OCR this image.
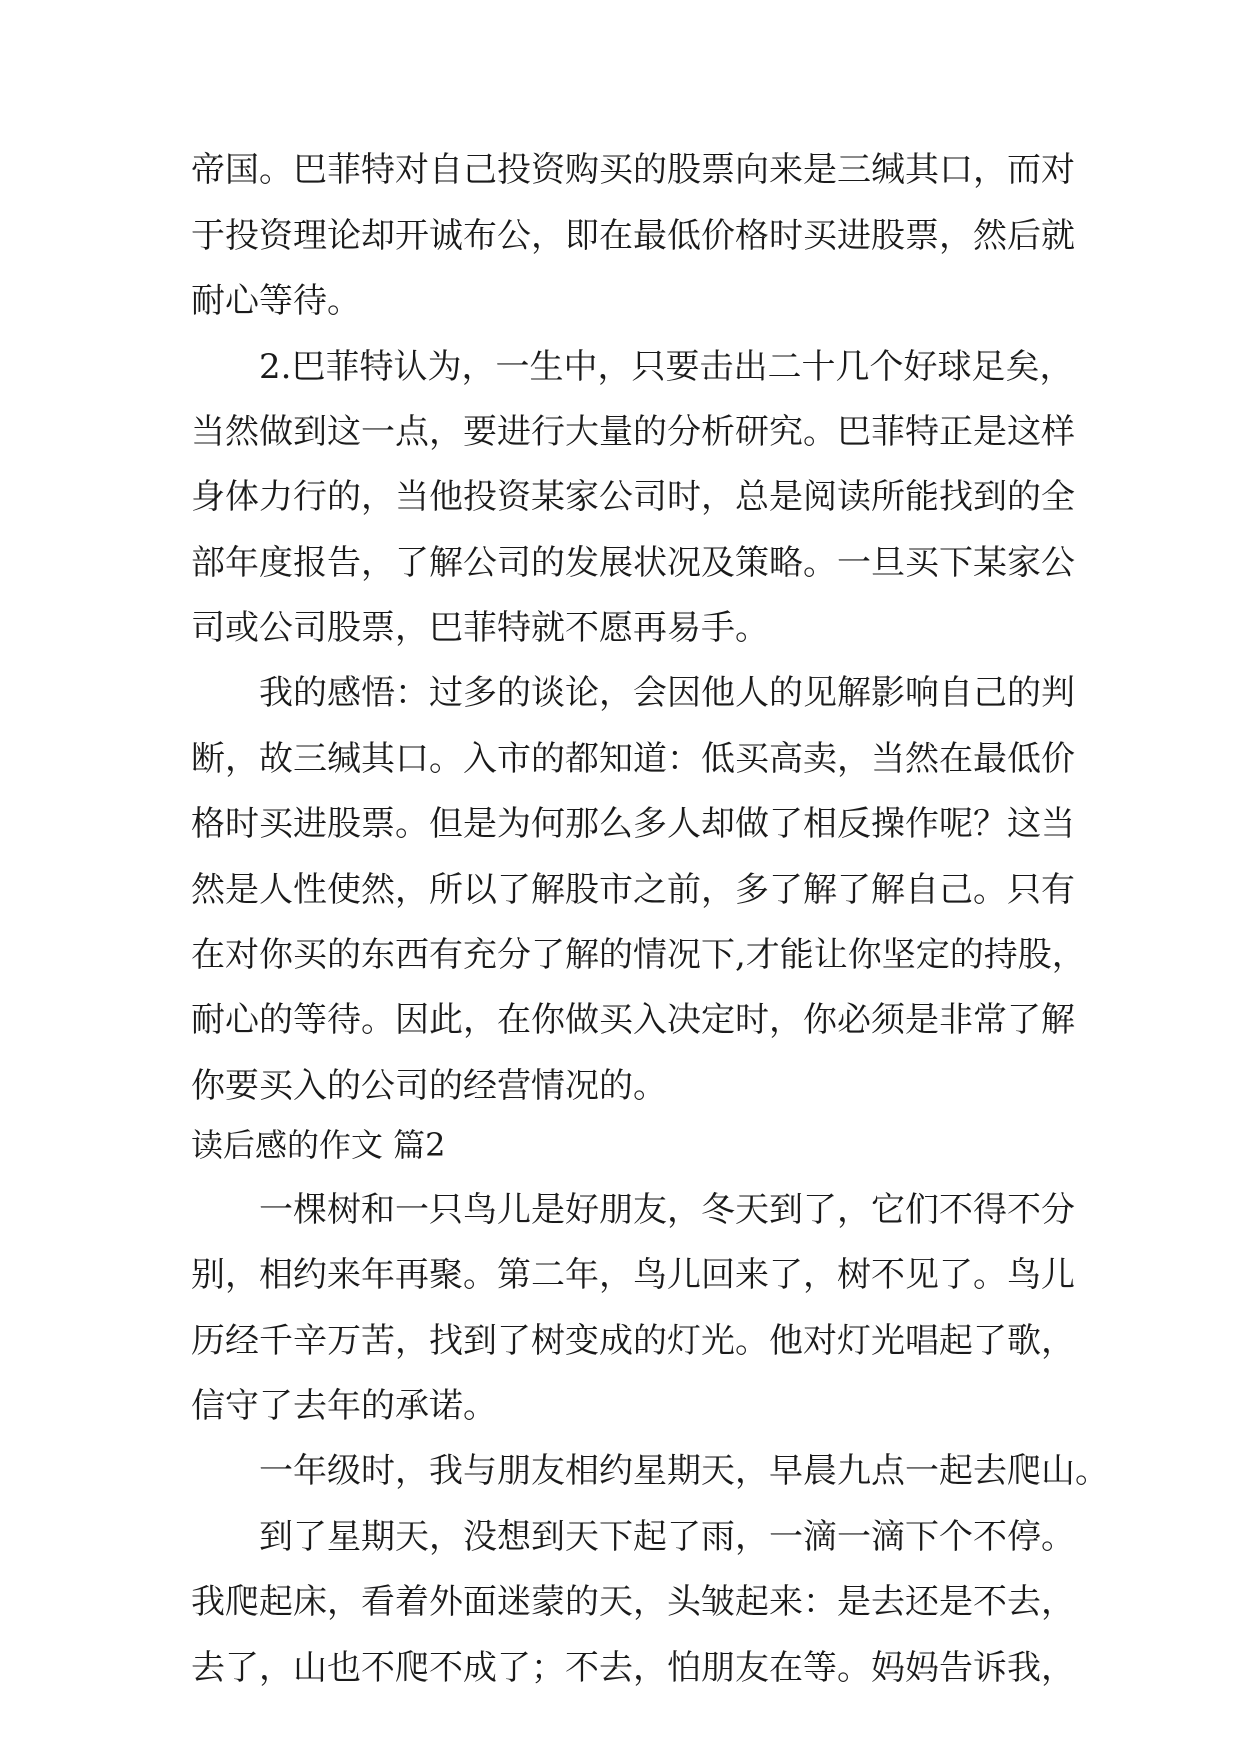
帝国。巴菲特对自己投资购买的股票向来是三缄其口，而对
于投资理论却开诚布公，即在最低价格时买进股票，然后就
耐心等待。
2.巴菲特认为，一生中，只要击出二十几个好球足矣，
当然做到这一点，要进行大量的分析研究。巴菲特正是这样
身体力行的，当他投资某家公司时，总是阅读所能找到的全
部年度报告，了解公司的发展状况及策略。一旦买下某家公
司或公司股票，巴菲特就不愿再易手。
我的感悟：过多的谈论，会因他人的见解影响自己的判
断，故三缄其口。入市的都知道：低买高卖，当然在最低价
格时买进股票。但是为何那么多人却做了相反操作呢？这当
然是人性使然，所以了解股市之前，多了解了解自己。只有
在对你买的东西有充分了解的情况下,才能让你坚定的持股，
耐心的等待。因此，在你做买入决定时，你必须是非常了解
你要买入的公司的经营情况的。
读后感的作文 篇2
一棵树和一只鸟儿是好朋友，冬天到了，它们不得不分
别，相约来年再聚。第二年，鸟儿回来了，树不见了。鸟儿
历经千辛万苦，找到了树变成的灯光。他对灯光唱起了歌，
信守了去年的承诺。
一年级时，我与朋友相约星期天，早晨九点一起去爬山。
到了星期天，没想到天下起了雨，一滴一滴下个不停。
我爬起床，看着外面迷蒙的天，头皱起来：是去还是不去，
去了，山也不爬不成了；不去，怕朋友在等。妈妈告诉我，
